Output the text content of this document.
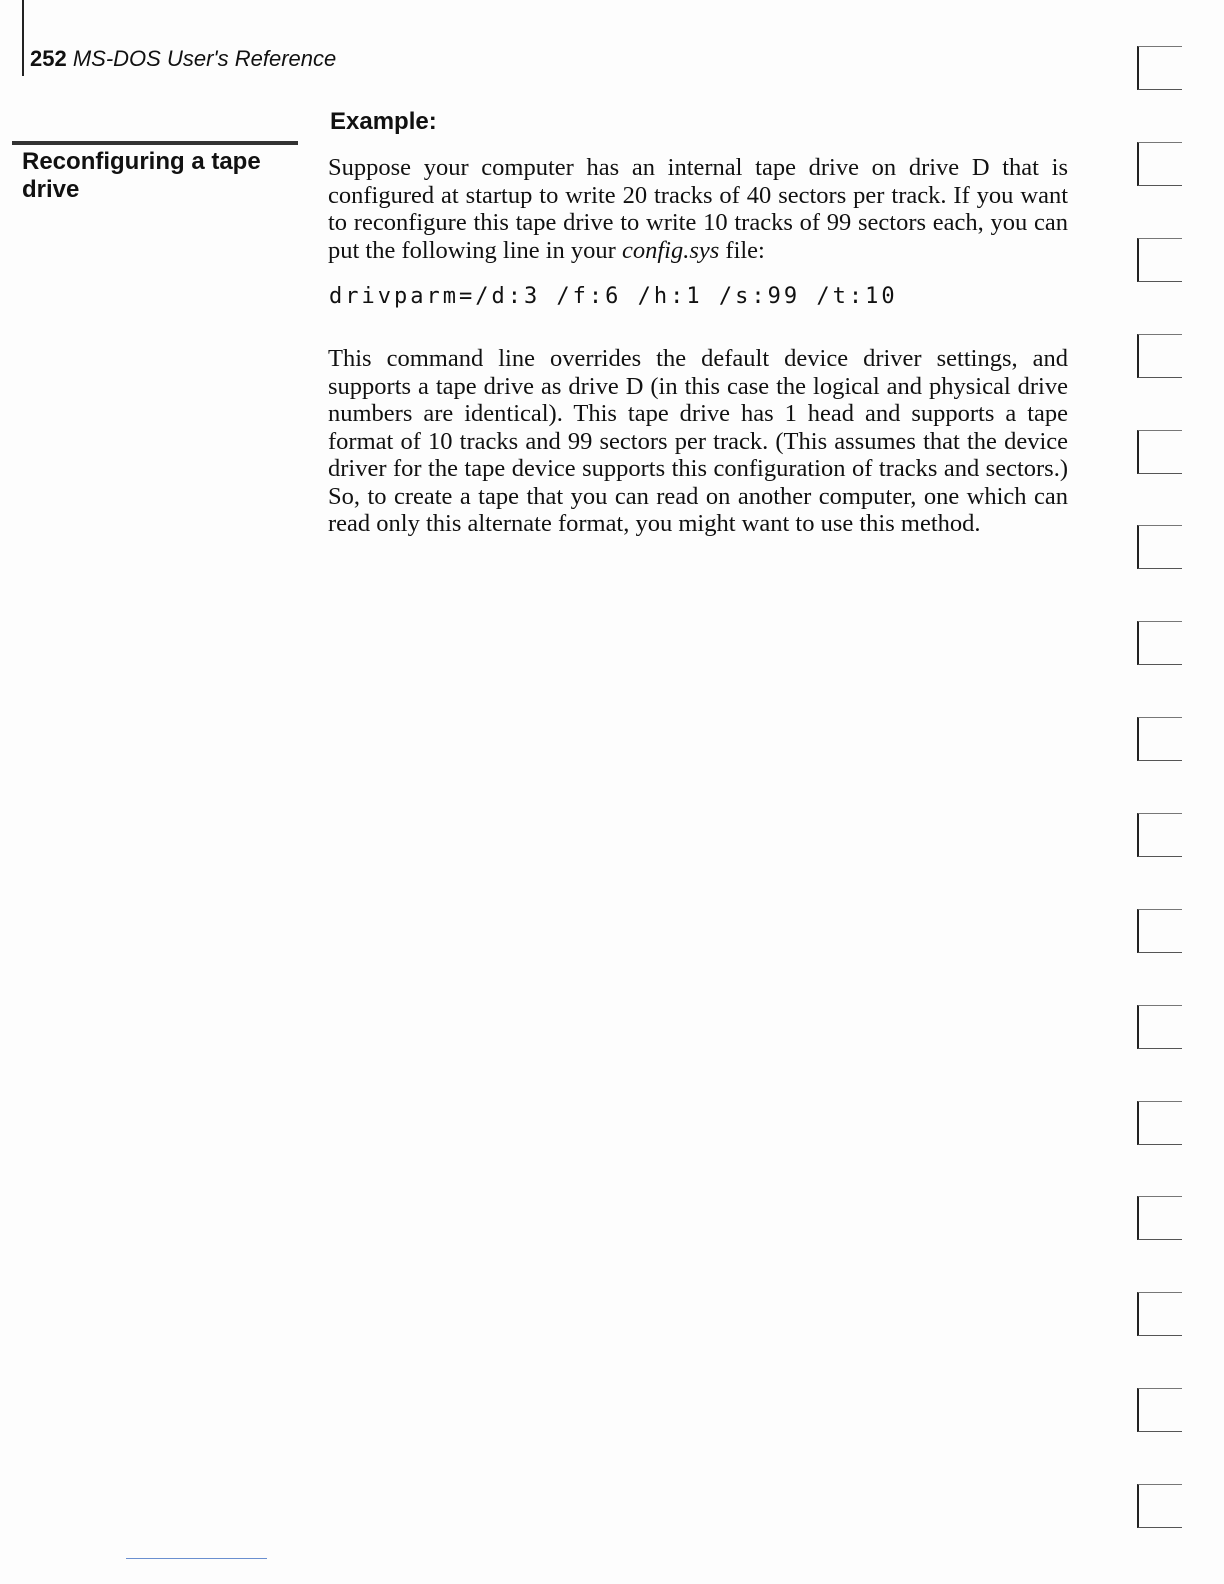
252 MS-DOS User's Reference
Reconfiguring a tape drive
Example:
Suppose your computer has an internal tape drive on drive D that is configured at startup to write 20 tracks of 40 sectors per track. If you want to reconfigure this tape drive to write 10 tracks of 99 sectors each, you can put the following line in your config.sys file:
drivparm=/d:3 /f:6 /h:1 /s:99 /t:10
This command line overrides the default device driver settings, and supports a tape drive as drive D (in this case the logical and physical drive numbers are identical). This tape drive has 1 head and supports a tape format of 10 tracks and 99 sectors per track. (This assumes that the device driver for the tape device supports this configuration of tracks and sectors.) So, to create a tape that you can read on another computer, one which can read only this alternate format, you might want to use this method.
